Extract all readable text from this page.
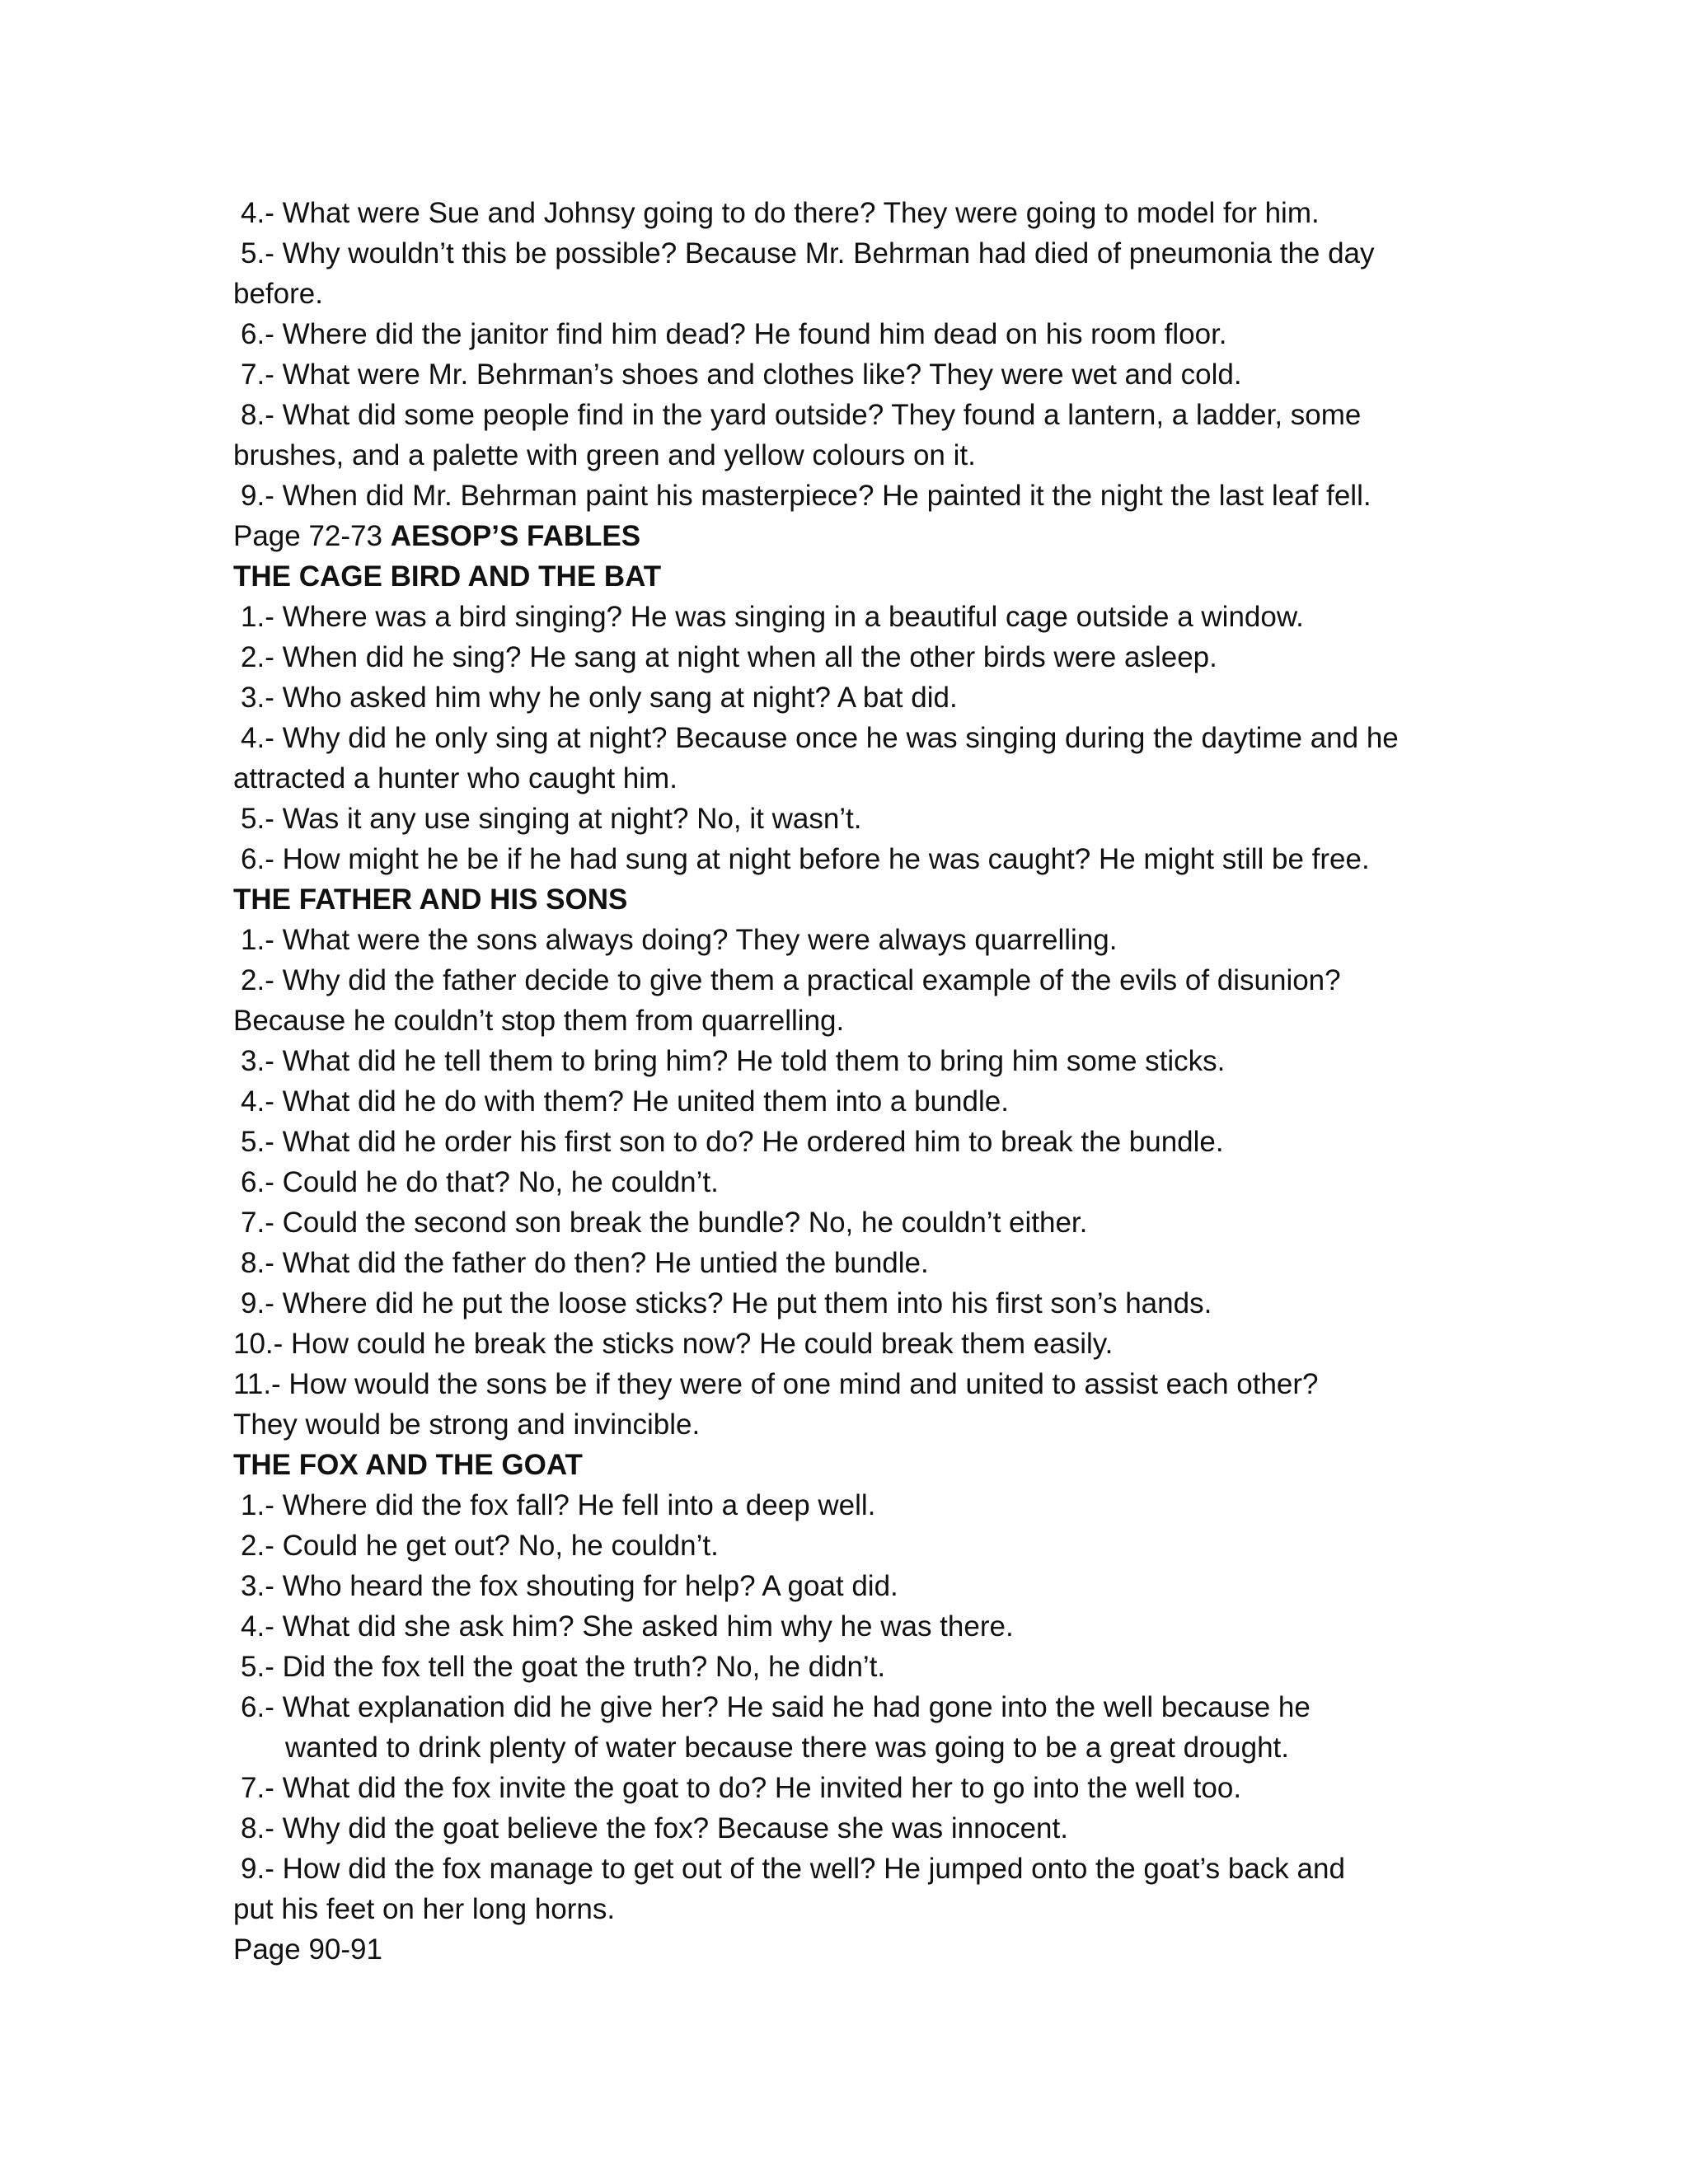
4.- What were Sue and Johnsy going to do there? They were going to model for him.

5.- Why wouldn’t this be possible? Because Mr. Behrman had died of pneumonia the day

before.

6.- Where did the janitor find him dead? He found him dead on his room floor.

7.- What were Mr. Behrman’s shoes and clothes like? They were wet and cold.

8.- What did some people find in the yard outside? They found a lantern, a ladder, some

brushes, and a palette with green and yellow colours on it.

9.- When did Mr. Behrman paint his masterpiece? He painted it the night the last leaf fell.

Page 72-73 AESOP’S FABLES

THE CAGE BIRD AND THE BAT

1.- Where was a bird singing? He was singing in a beautiful cage outside a window.

2.- When did he sing? He sang at night when all the other birds were asleep.

3.- Who asked him why he only sang at night? A bat did.

4.- Why did he only sing at night? Because once he was singing during the daytime and he

attracted a hunter who caught him.

5.- Was it any use singing at night? No, it wasn’t.

6.- How might he be if he had sung at night before he was caught? He might still be free.

THE FATHER AND HIS SONS

1.- What were the sons always doing? They were always quarrelling.

2.- Why did the father decide to give them a practical example of the evils of disunion?

Because he couldn’t stop them from quarrelling.

3.- What did he tell them to bring him? He told them to bring him some sticks.

4.- What did he do with them? He united them into a bundle.

5.- What did he order his first son to do? He ordered him to break the bundle.

6.- Could he do that? No, he couldn’t.

7.- Could the second son break the bundle? No, he couldn’t either.

8.- What did the father do then? He untied the bundle.

9.- Where did he put the loose sticks? He put them into his first son’s hands.

10.- How could he break the sticks now? He could break them easily.

11.- How would the sons be if they were of one mind and united to assist each other?

They would be strong and invincible.

THE FOX AND THE GOAT

1.- Where did the fox fall? He fell into a deep well.

2.- Could he get out? No, he couldn’t.

3.- Who heard the fox shouting for help? A goat did.

4.- What did she ask him? She asked him why he was there.

5.- Did the fox tell the goat the truth? No, he didn’t.

6.- What explanation did he give her? He said he had gone into the well because he

wanted to drink plenty of water because there was going to be a great drought.

7.- What did the fox invite the goat to do? He invited her to go into the well too.

8.- Why did the goat believe the fox? Because she was innocent.

9.- How did the fox manage to get out of the well? He jumped onto the goat’s back and

put his feet on her long horns.

Page 90-91
